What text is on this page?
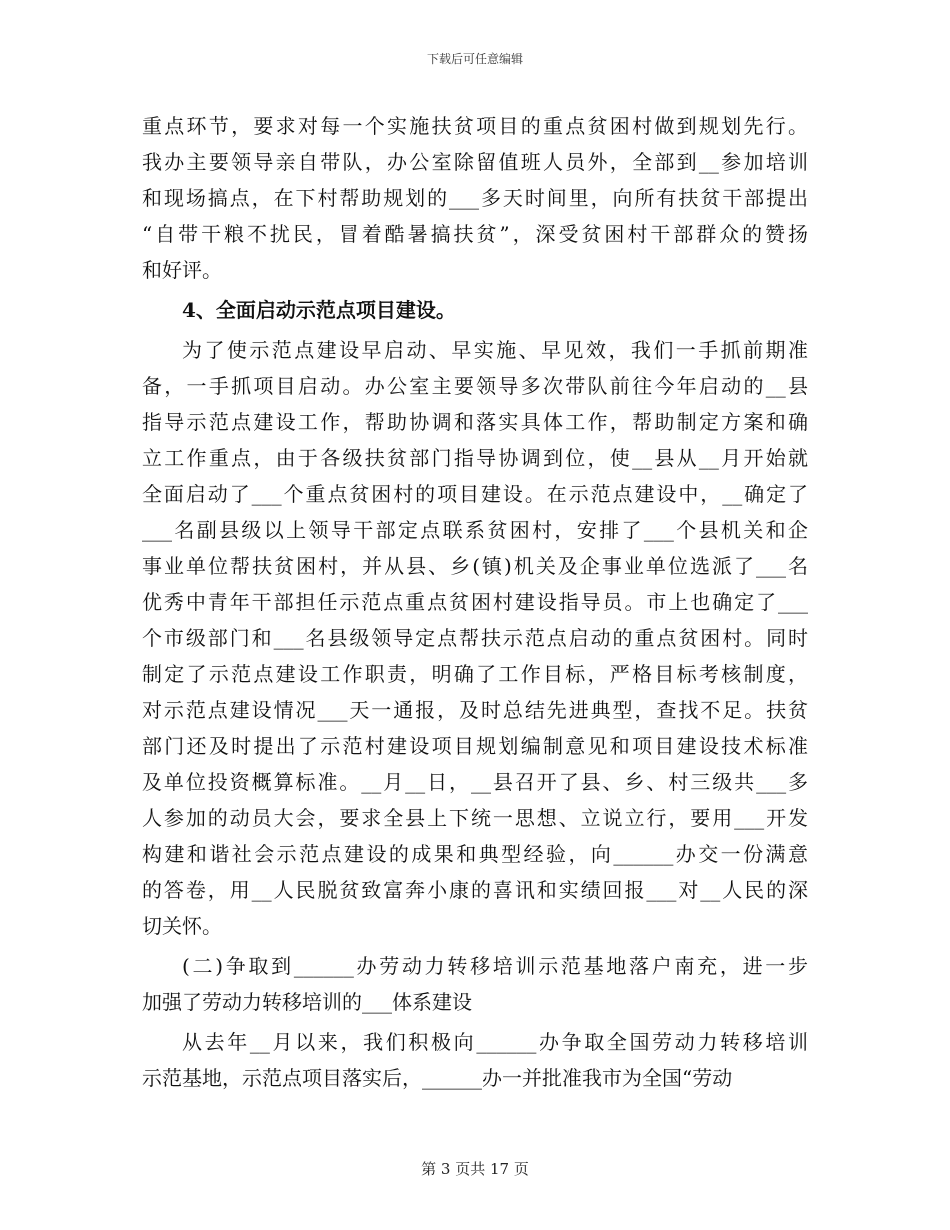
下载后可任意编辑
重点环节，要求对每一个实施扶贫项目的重点贫困村做到规划先行。
我办主要领导亲自带队，办公室除留值班人员外，全部到__参加培训
和现场搞点，在下村帮助规划的___多天时间里，向所有扶贫干部提出
“自带干粮不扰民，冒着酷暑搞扶贫”，深受贫困村干部群众的赞扬
和好评。
4、全面启动示范点项目建设。
为了使示范点建设早启动、早实施、早见效，我们一手抓前期准
备，一手抓项目启动。办公室主要领导多次带队前往今年启动的__县
指导示范点建设工作，帮助协调和落实具体工作，帮助制定方案和确
立工作重点，由于各级扶贫部门指导协调到位，使__县从__月开始就
全面启动了___个重点贫困村的项目建设。在示范点建设中，__确定了
___名副县级以上领导干部定点联系贫困村，安排了___个县机关和企
事业单位帮扶贫困村，并从县、乡(镇)机关及企事业单位选派了___名
优秀中青年干部担任示范点重点贫困村建设指导员。市上也确定了___
个市级部门和___名县级领导定点帮扶示范点启动的重点贫困村。同时
制定了示范点建设工作职责，明确了工作目标，严格目标考核制度，
对示范点建设情况___天一通报，及时总结先进典型，查找不足。扶贫
部门还及时提出了示范村建设项目规划编制意见和项目建设技术标准
及单位投资概算标准。__月__日，__县召开了县、乡、村三级共___多
人参加的动员大会，要求全县上下统一思想、立说立行，要用___开发
构建和谐社会示范点建设的成果和典型经验，向______办交一份满意
的答卷，用__人民脱贫致富奔小康的喜讯和实绩回报___对__人民的深
切关怀。
(二)争取到______办劳动力转移培训示范基地落户南充，进一步
加强了劳动力转移培训的___体系建设
从去年__月以来，我们积极向______办争取全国劳动力转移培训
示范基地，示范点项目落实后，______办一并批准我市为全国“劳动
第 3 页共 17 页
